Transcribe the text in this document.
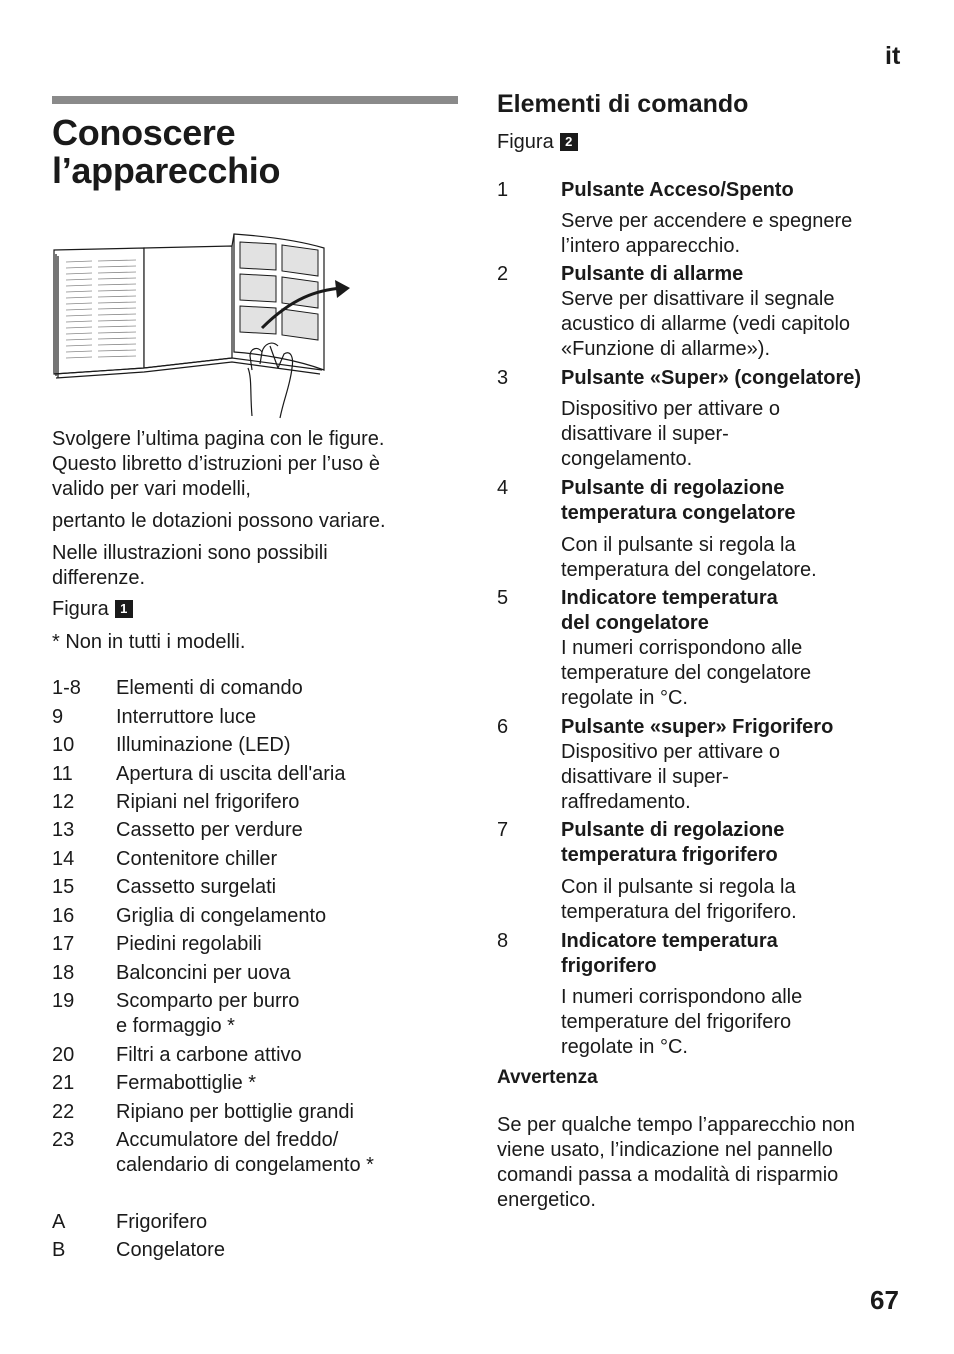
it
67
Conoscere l’apparecchio
Svolgere l’ultima pagina con le figure. Questo libretto d’istruzioni per l’uso è valido per vari modelli,
pertanto le dotazioni possono variare.
Nelle illustrazioni sono possibili differenze.
Figura 1
* Non in tutti i modelli.
1-8	Elementi di comando
9	Interruttore luce
10	Illuminazione (LED)
11	Apertura di uscita dell'aria
12	Ripiani nel frigorifero
13	Cassetto per verdure
14	Contenitore chiller
15	Cassetto surgelati
16	Griglia di congelamento
17	Piedini regolabili
18	Balconcini per uova
19	Scomparto per burro
e formaggio *
20	Filtri a carbone attivo
21	Fermabottiglie *
22	Ripiano per bottiglie grandi
23	Accumulatore del freddo/
calendario di congelamento *
A	Frigorifero
B	Congelatore
Elementi di comando
Figura 2
1	Pulsante Acceso/Spento
Serve per accendere e spegnere l’intero apparecchio.
2	Pulsante di allarme
Serve per disattivare il segnale acustico di allarme (vedi capitolo «Funzione di allarme»).
3	Pulsante «Super» (congelatore)
Dispositivo per attivare o disattivare il super-congelamento.
4	Pulsante di regolazione temperatura congelatore
Con il pulsante si regola la temperatura del congelatore.
5	Indicatore temperatura del congelatore
I numeri corrispondono alle temperature del congelatore regolate in °C.
6	Pulsante «super» Frigorifero
Dispositivo per attivare o disattivare il super-raffredamento.
7	Pulsante di regolazione temperatura frigorifero
Con il pulsante si regola la temperatura del frigorifero.
8	Indicatore temperatura frigorifero
I numeri corrispondono alle temperature del frigorifero regolate in °C.
Avvertenza
Se per qualche tempo l’apparecchio non viene usato, l’indicazione nel pannello comandi passa a modalità di risparmio energetico.
